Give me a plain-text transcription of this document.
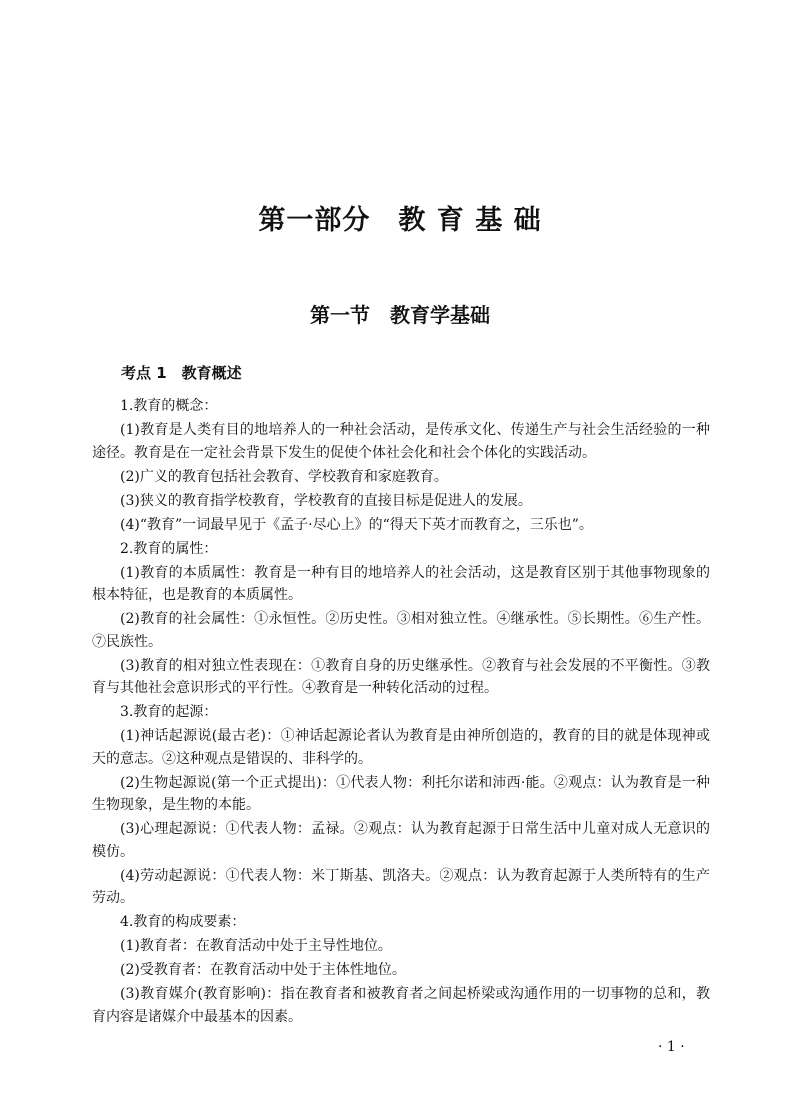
第一部分　教 育 基 础
第一节　教育学基础
考点 1　教育概述

1.教育的概念：

(1)教育是人类有目的地培养人的一种社会活动，是传承文化、传递生产与社会生活经验的一种途径。教育是在一定社会背景下发生的促使个体社会化和社会个体化的实践活动。

(2)广义的教育包括社会教育、学校教育和家庭教育。

(3)狭义的教育指学校教育，学校教育的直接目标是促进人的发展。

(4)“教育”一词最早见于《孟子·尽心上》的“得天下英才而教育之，三乐也”。

2.教育的属性：

(1)教育的本质属性：教育是一种有目的地培养人的社会活动，这是教育区别于其他事物现象的根本特征，也是教育的本质属性。

(2)教育的社会属性：①永恒性。②历史性。③相对独立性。④继承性。⑤长期性。⑥生产性。⑦民族性。

(3)教育的相对独立性表现在：①教育自身的历史继承性。②教育与社会发展的不平衡性。③教育与其他社会意识形式的平行性。④教育是一种转化活动的过程。

3.教育的起源：

(1)神话起源说(最古老)：①神话起源论者认为教育是由神所创造的，教育的目的就是体现神或天的意志。②这种观点是错误的、非科学的。

(2)生物起源说(第一个正式提出)：①代表人物：利托尔诺和沛西·能。②观点：认为教育是一种生物现象，是生物的本能。

(3)心理起源说：①代表人物：孟禄。②观点：认为教育起源于日常生活中儿童对成人无意识的模仿。

(4)劳动起源说：①代表人物：米丁斯基、凯洛夫。②观点：认为教育起源于人类所特有的生产劳动。

4.教育的构成要素：

(1)教育者：在教育活动中处于主导性地位。

(2)受教育者：在教育活动中处于主体性地位。

(3)教育媒介(教育影响)：指在教育者和被教育者之间起桥梁或沟通作用的一切事物的总和，教育内容是诸媒介中最基本的因素。

· 1 ·
